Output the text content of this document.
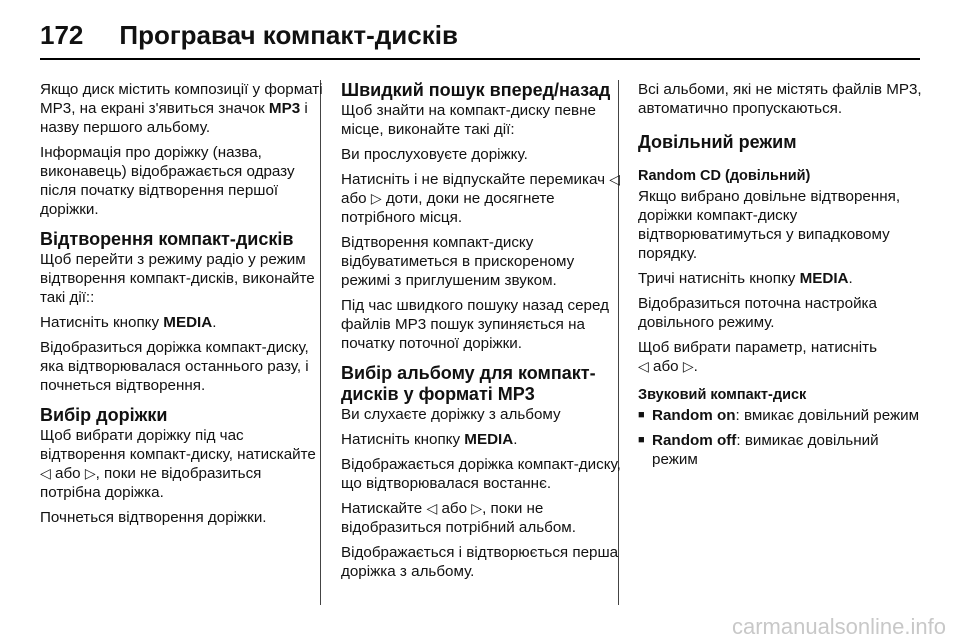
172 Програвач компакт-дисків

Якщо диск містить композиції у форматі MP3, на екрані з'явиться значок MP3 і назву першого альбому.

Інформація про доріжку (назва, виконавець) відображається одразу після початку відтворення першої доріжки.

Відтворення компакт-дисків

Щоб перейти з режиму радіо у режим відтворення компакт-дисків, виконайте такі дії::

Натисніть кнопку MEDIA.

Відобразиться доріжка компакт-диску, яка відтворювалася останнього разу, і почнеться відтворення.

Вибір доріжки

Щоб вибрати доріжку під час відтворення компакт-диску, натискайте ◁ або ▷, поки не відобразиться потрібна доріжка.

Почнеться відтворення доріжки.

Швидкий пошук вперед/назад

Щоб знайти на компакт-диску певне місце, виконайте такі дії:

Ви прослуховуєте доріжку.

Натисніть і не відпускайте перемикач ◁ або ▷ доти, доки не досягнете потрібного місця.

Відтворення компакт-диску відбуватиметься в прискореному режимі з приглушеним звуком.

Під час швидкого пошуку назад серед файлів MP3 пошук зупиняється на початку поточної доріжки.

Вибір альбому для компакт-дисків у форматі MP3

Ви слухаєте доріжку з альбому

Натисніть кнопку MEDIA.

Відображається доріжка компакт-диску, що відтворювалася востаннє.

Натискайте ◁ або ▷, поки не відобразиться потрібний альбом.

Відображається і відтворюється перша доріжка з альбому.

Всі альбоми, які не містять файлів MP3, автоматично пропускаються.

Довільний режим
Random CD (довільний)

Якщо вибрано довільне відтворення, доріжки компакт-диску відтворюватимуться у випадковому порядку.

Тричі натисніть кнопку MEDIA.

Відобразиться поточна настройка довільного режиму.

Щоб вибрати параметр, натисніть
◁ або ▷.

Звуковий компакт-диск
■ Random on: вмикає довільний режим
■ Random off: вимикає довільний режим
carmanualsonline.info
